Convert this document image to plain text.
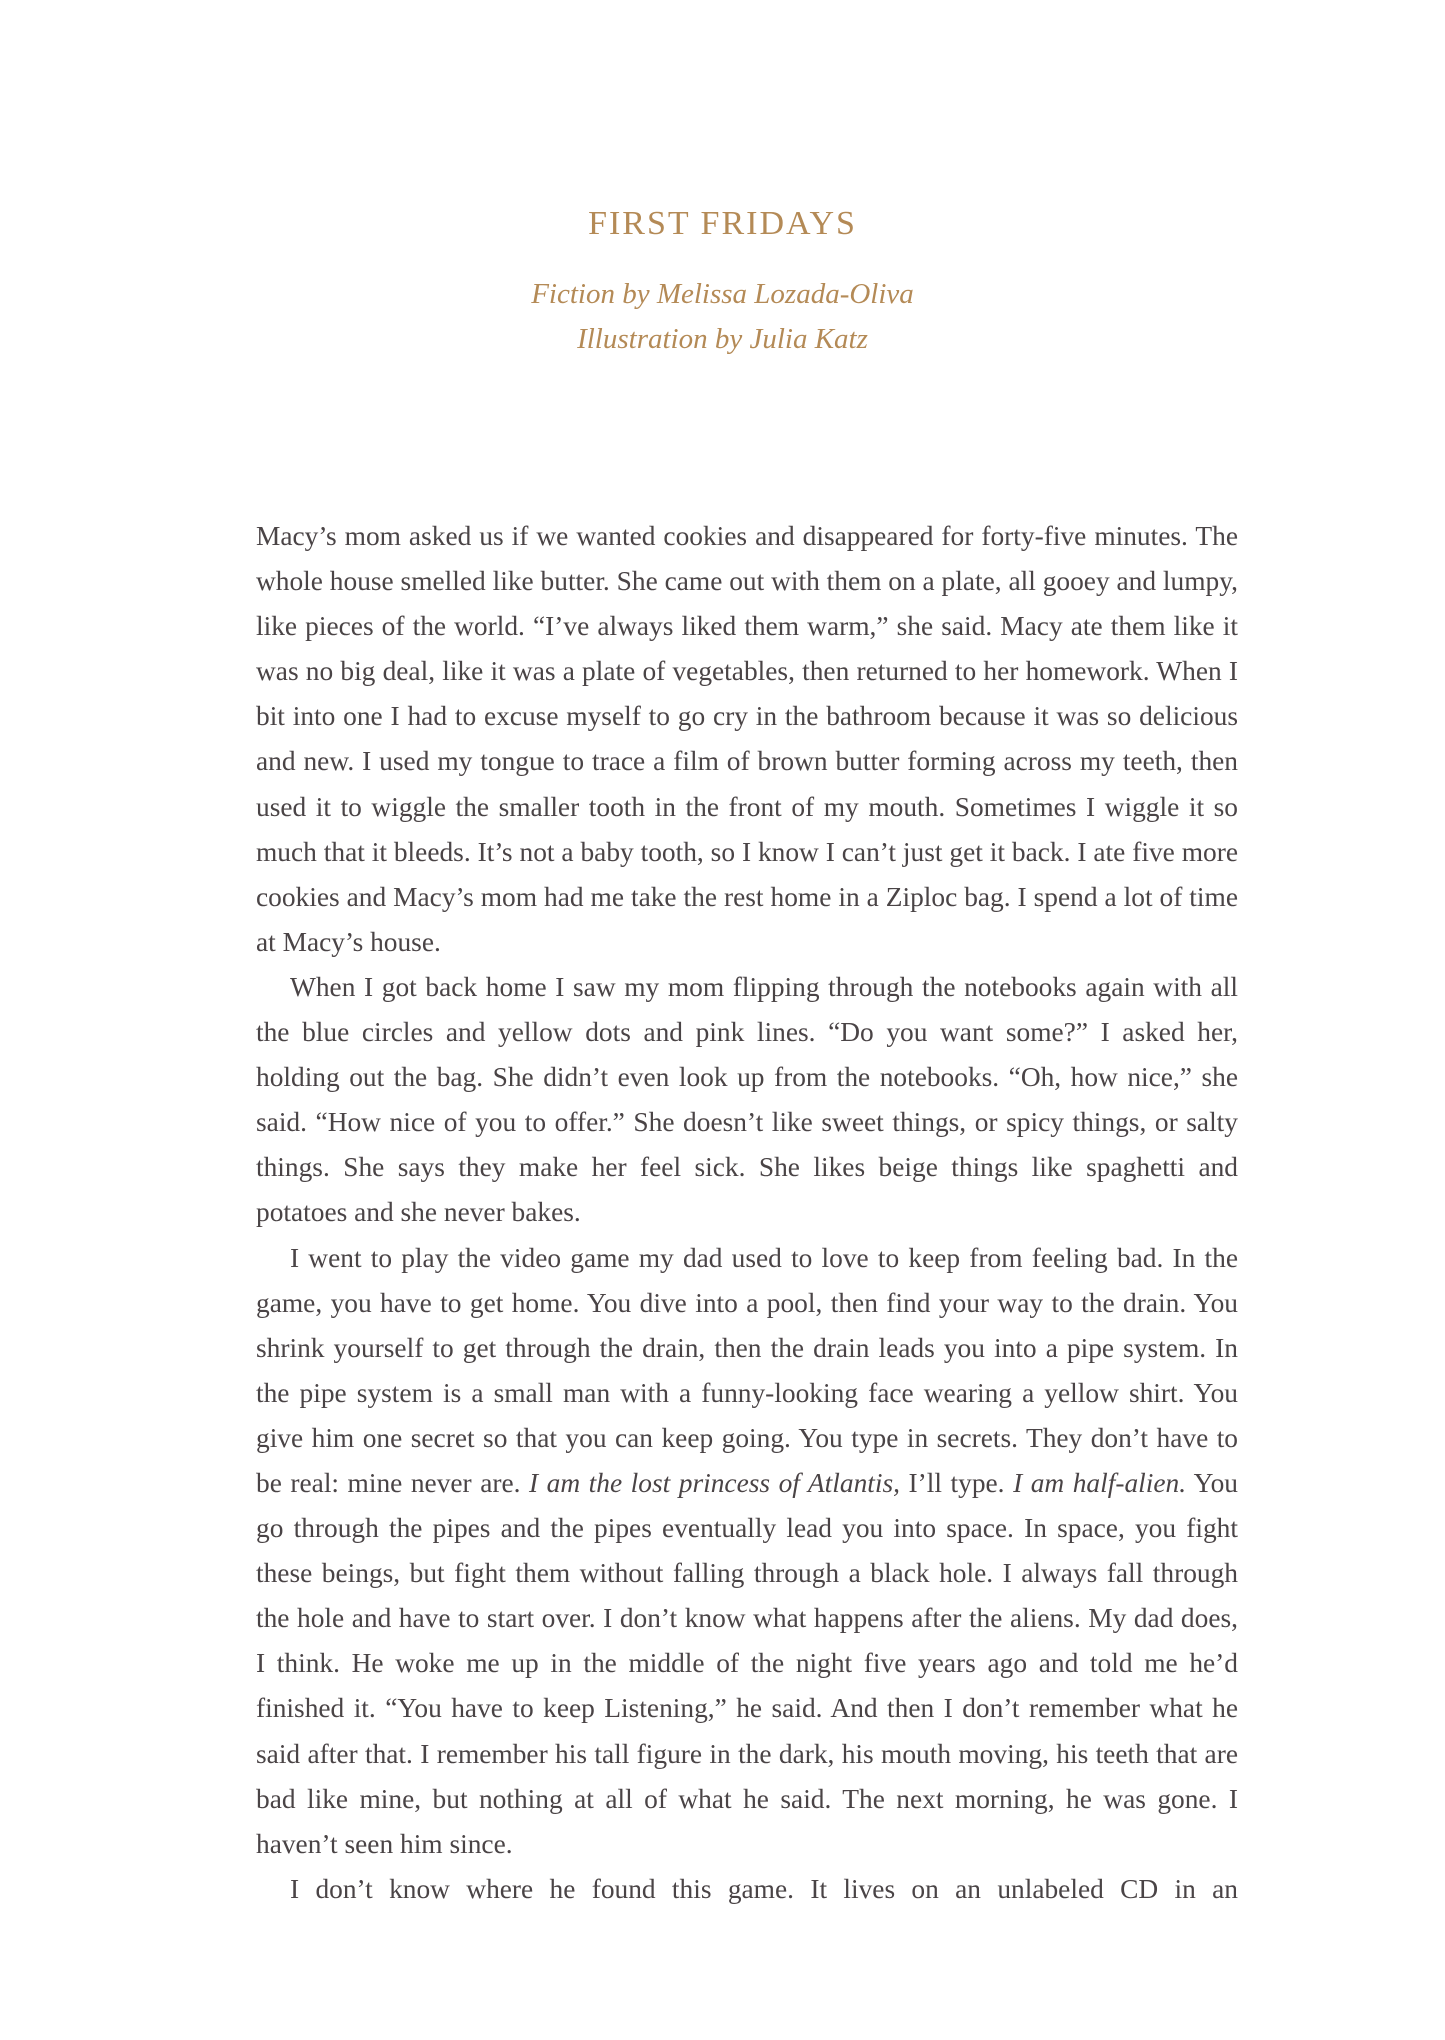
FIRST FRIDAYS
Fiction by Melissa Lozada-Oliva
Illustration by Julia Katz

Macy’s mom asked us if we wanted cookies and disappeared for forty-five minutes. The whole house smelled like butter. She came out with them on a plate, all gooey and lumpy, like pieces of the world. “I’ve always liked them warm,” she said. Macy ate them like it was no big deal, like it was a plate of vegetables, then returned to her homework. When I bit into one I had to excuse myself to go cry in the bathroom because it was so delicious and new. I used my tongue to trace a film of brown butter forming across my teeth, then used it to wiggle the smaller tooth in the front of my mouth. Sometimes I wiggle it so much that it bleeds. It’s not a baby tooth, so I know I can’t just get it back. I ate five more cookies and Macy’s mom had me take the rest home in a Ziploc bag. I spend a lot of time at Macy’s house.

When I got back home I saw my mom flipping through the notebooks again with all the blue circles and yellow dots and pink lines. “Do you want some?” I asked her, holding out the bag. She didn’t even look up from the notebooks. “Oh, how nice,” she said. “How nice of you to offer.” She doesn’t like sweet things, or spicy things, or salty things. She says they make her feel sick. She likes beige things like spaghetti and potatoes and she never bakes.

I went to play the video game my dad used to love to keep from feeling bad. In the game, you have to get home. You dive into a pool, then find your way to the drain. You shrink yourself to get through the drain, then the drain leads you into a pipe system. In the pipe system is a small man with a funny-looking face wearing a yellow shirt. You give him one secret so that you can keep going. You type in secrets. They don’t have to be real: mine never are. I am the lost princess of Atlantis, I’ll type. I am half-alien. You go through the pipes and the pipes eventually lead you into space. In space, you fight these beings, but fight them without falling through a black hole. I always fall through the hole and have to start over. I don’t know what happens after the aliens. My dad does, I think. He woke me up in the middle of the night five years ago and told me he’d finished it. “You have to keep Listening,” he said. And then I don’t remember what he said after that. I remember his tall figure in the dark, his mouth moving, his teeth that are bad like mine, but nothing at all of what he said. The next morning, he was gone. I haven’t seen him since.

I don’t know where he found this game. It lives on an unlabeled CD in an
